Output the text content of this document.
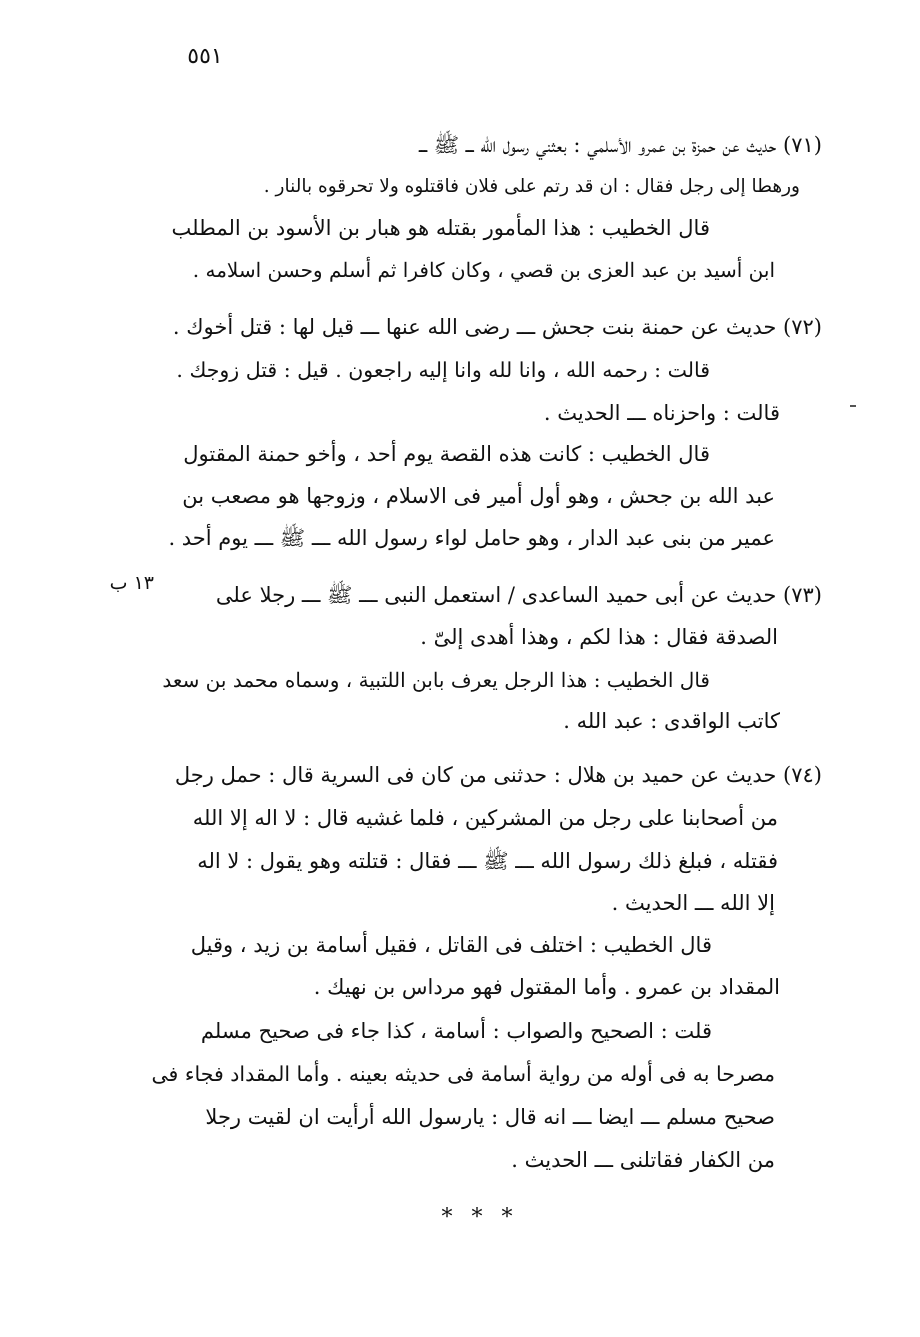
٥٥١
١٣ ب
(٧١) حديث عن حمزة بن عمرو الأسلمي : بعثني رسول الله ـــ ﷺ ـــ
ورهطا إلى رجل فقال : ان قد رتم على فلان فاقتلوه ولا تحرقوه بالنار .
قال الخطيب : هذا المأمور بقتله هو هبار بن الأسود بن المطلب
ابن أسيد بن عبد العزى بن قصي ، وكان كافرا ثم أسلم وحسن اسلامه .
(٧٢) حديث عن حمنة بنت جحش ـــ رضى الله عنها ـــ قيل لها : قتل أخوك .
قالت : رحمه الله ، وانا لله وانا إليه راجعون . قيل : قتل زوجك .
قالت : واحزناه ـــ الحديث .
قال الخطيب : كانت هذه القصة يوم أحد ، وأخو حمنة المقتول
عبد الله بن جحش ، وهو أول أمير فى الاسلام ، وزوجها هو مصعب بن
عمير من بنى عبد الدار ، وهو حامل لواء رسول الله ـــ ﷺ ـــ يوم أحد .
(٧٣) حديث عن أبى حميد الساعدى / استعمل النبى ـــ ﷺ ـــ رجلا على
الصدقة فقال : هذا لكم ، وهذا أهدى إلىّ .
قال الخطيب : هذا الرجل يعرف بابن اللتبية ، وسماه محمد بن سعد
كاتب الواقدى : عبد الله .
(٧٤) حديث عن حميد بن هلال : حدثنى من كان فى السرية قال : حمل رجل
من أصحابنا على رجل من المشركين ، فلما غشيه قال : لا اله إلا الله
فقتله ، فبلغ ذلك رسول الله ـــ ﷺ ـــ فقال : قتلته وهو يقول : لا اله
إلا الله ـــ الحديث .
قال الخطيب : اختلف فى القاتل ، فقيل أسامة بن زيد ، وقيل
المقداد بن عمرو . وأما المقتول فهو مرداس بن نهيك .
قلت : الصحيح والصواب : أسامة ، كذا جاء فى صحيح مسلم
مصرحا به فى أوله من رواية أسامة فى حديثه بعينه . وأما المقداد فجاء فى
صحيح مسلم ـــ ايضا ـــ انه قال : يارسول الله أرأيت ان لقيت رجلا
من الكفار فقاتلنى ـــ الحديث .
* * *
